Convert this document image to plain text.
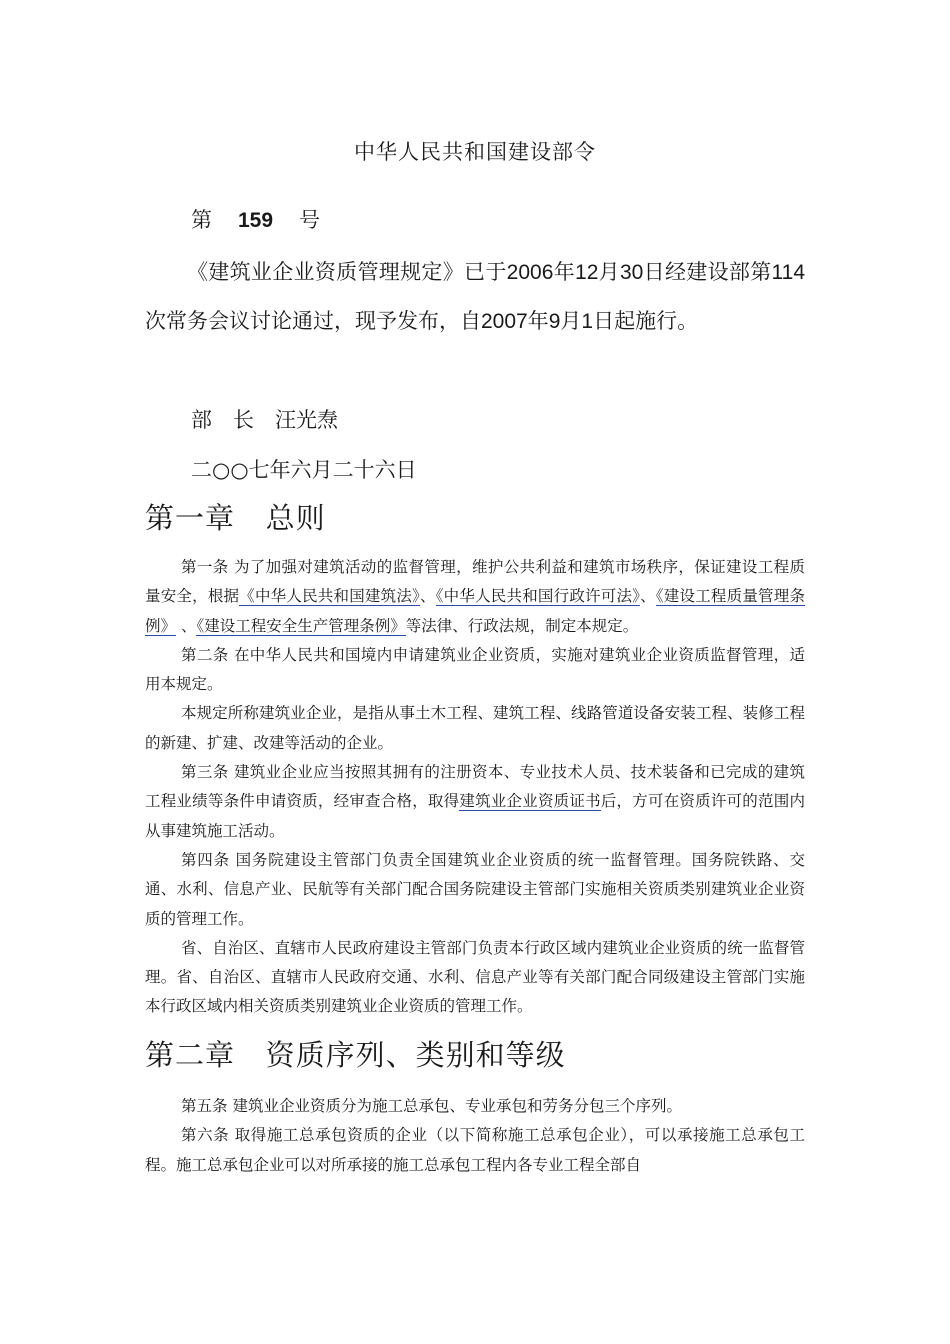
中华人民共和国建设部令
第 159 号
《建筑业企业资质管理规定》已于2006年12月30日经建设部第114次常务会议讨论通过，现予发布，自2007年9月1日起施行。
部 长 汪光焘
二○○七年六月二十六日
第一章 总则

第一条 为了加强对建筑活动的监督管理，维护公共利益和建筑市场秩序，保证建设工程质量安全，根据《中华人民共和国建筑法》、《中华人民共和国行政许可法》、《建设工程质量管理条例》 、《建设工程安全生产管理条例》等法律、行政法规，制定本规定。

第二条 在中华人民共和国境内申请建筑业企业资质，实施对建筑业企业资质监督管理，适用本规定。

本规定所称建筑业企业，是指从事土木工程、建筑工程、线路管道设备安装工程、装修工程的新建、扩建、改建等活动的企业。

第三条 建筑业企业应当按照其拥有的注册资本、专业技术人员、技术装备和已完成的建筑工程业绩等条件申请资质，经审查合格，取得建筑业企业资质证书后，方可在资质许可的范围内从事建筑施工活动。

第四条 国务院建设主管部门负责全国建筑业企业资质的统一监督管理。国务院铁路、交通、水利、信息产业、民航等有关部门配合国务院建设主管部门实施相关资质类别建筑业企业资质的管理工作。

省、自治区、直辖市人民政府建设主管部门负责本行政区域内建筑业企业资质的统一监督管理。省、自治区、直辖市人民政府交通、水利、信息产业等有关部门配合同级建设主管部门实施本行政区域内相关资质类别建筑业企业资质的管理工作。

第二章 资质序列、类别和等级

第五条 建筑业企业资质分为施工总承包、专业承包和劳务分包三个序列。

第六条 取得施工总承包资质的企业（以下简称施工总承包企业），可以承接施工总承包工程。施工总承包企业可以对所承接的施工总承包工程内各专业工程全部自
